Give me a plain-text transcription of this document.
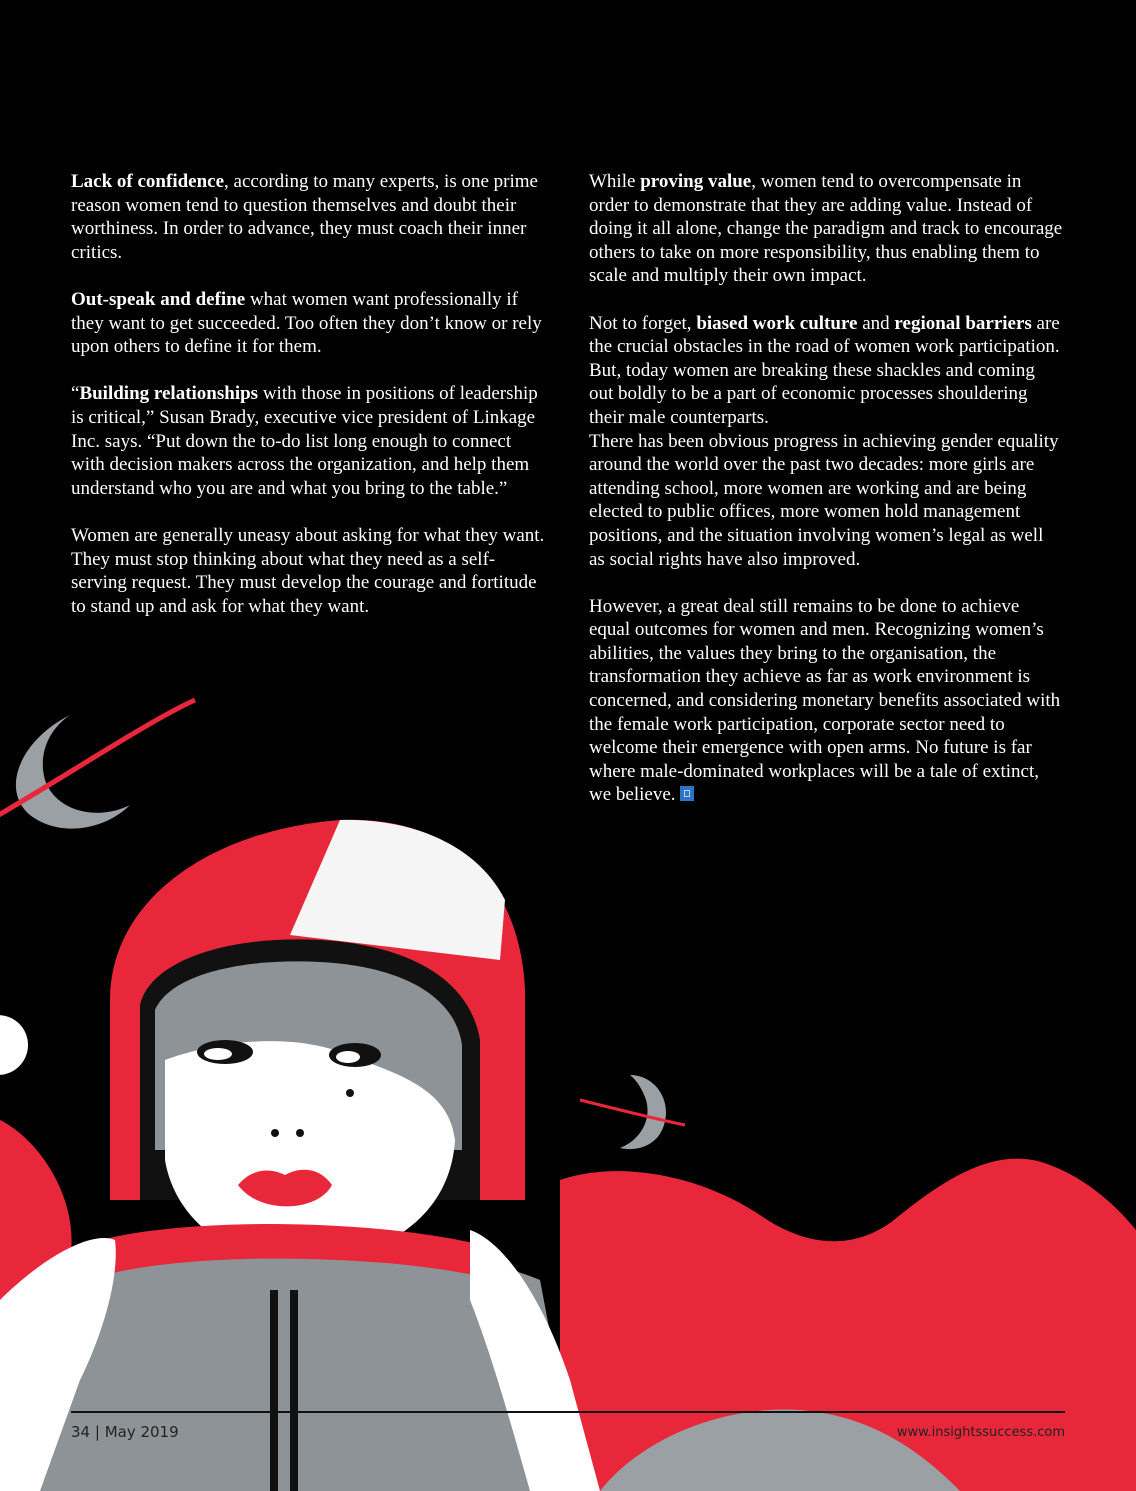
Lack of confidence, according to many experts, is one prime reason women tend to question themselves and doubt their worthiness. In order to advance, they must coach their inner critics.

Out-speak and define what women want professionally if they want to get succeeded. Too often they don’t know or rely upon others to define it for them.

“Building relationships with those in positions of leadership is critical,” Susan Brady, executive vice president of Linkage Inc. says. “Put down the to-do list long enough to connect with decision makers across the organization, and help them understand who you are and what you bring to the table.”

Women are generally uneasy about asking for what they want. They must stop thinking about what they need as a self-serving request. They must develop the courage and fortitude to stand up and ask for what they want.

While proving value, women tend to overcompensate in order to demonstrate that they are adding value. Instead of doing it all alone, change the paradigm and track to encourage others to take on more responsibility, thus enabling them to scale and multiply their own impact.

Not to forget, biased work culture and regional barriers are the crucial obstacles in the road of women work participation. But, today women are breaking these shackles and coming out boldly to be a part of economic processes shouldering their male counterparts.

There has been obvious progress in achieving gender equality around the world over the past two decades: more girls are attending school, more women are working and are being elected to public offices, more women hold management positions, and the situation involving women’s legal as well as social rights have also improved.

However, a great deal still remains to be done to achieve equal outcomes for women and men. Recognizing women’s abilities, the values they bring to the organisation, the transformation they achieve as far as work environment is concerned, and considering monetary benefits associated with the female work participation, corporate sector need to welcome their emergence with open arms. No future is far where male-dominated workplaces will be a tale of extinct, we believe.

34 | May 2019	www.insightssuccess.com
